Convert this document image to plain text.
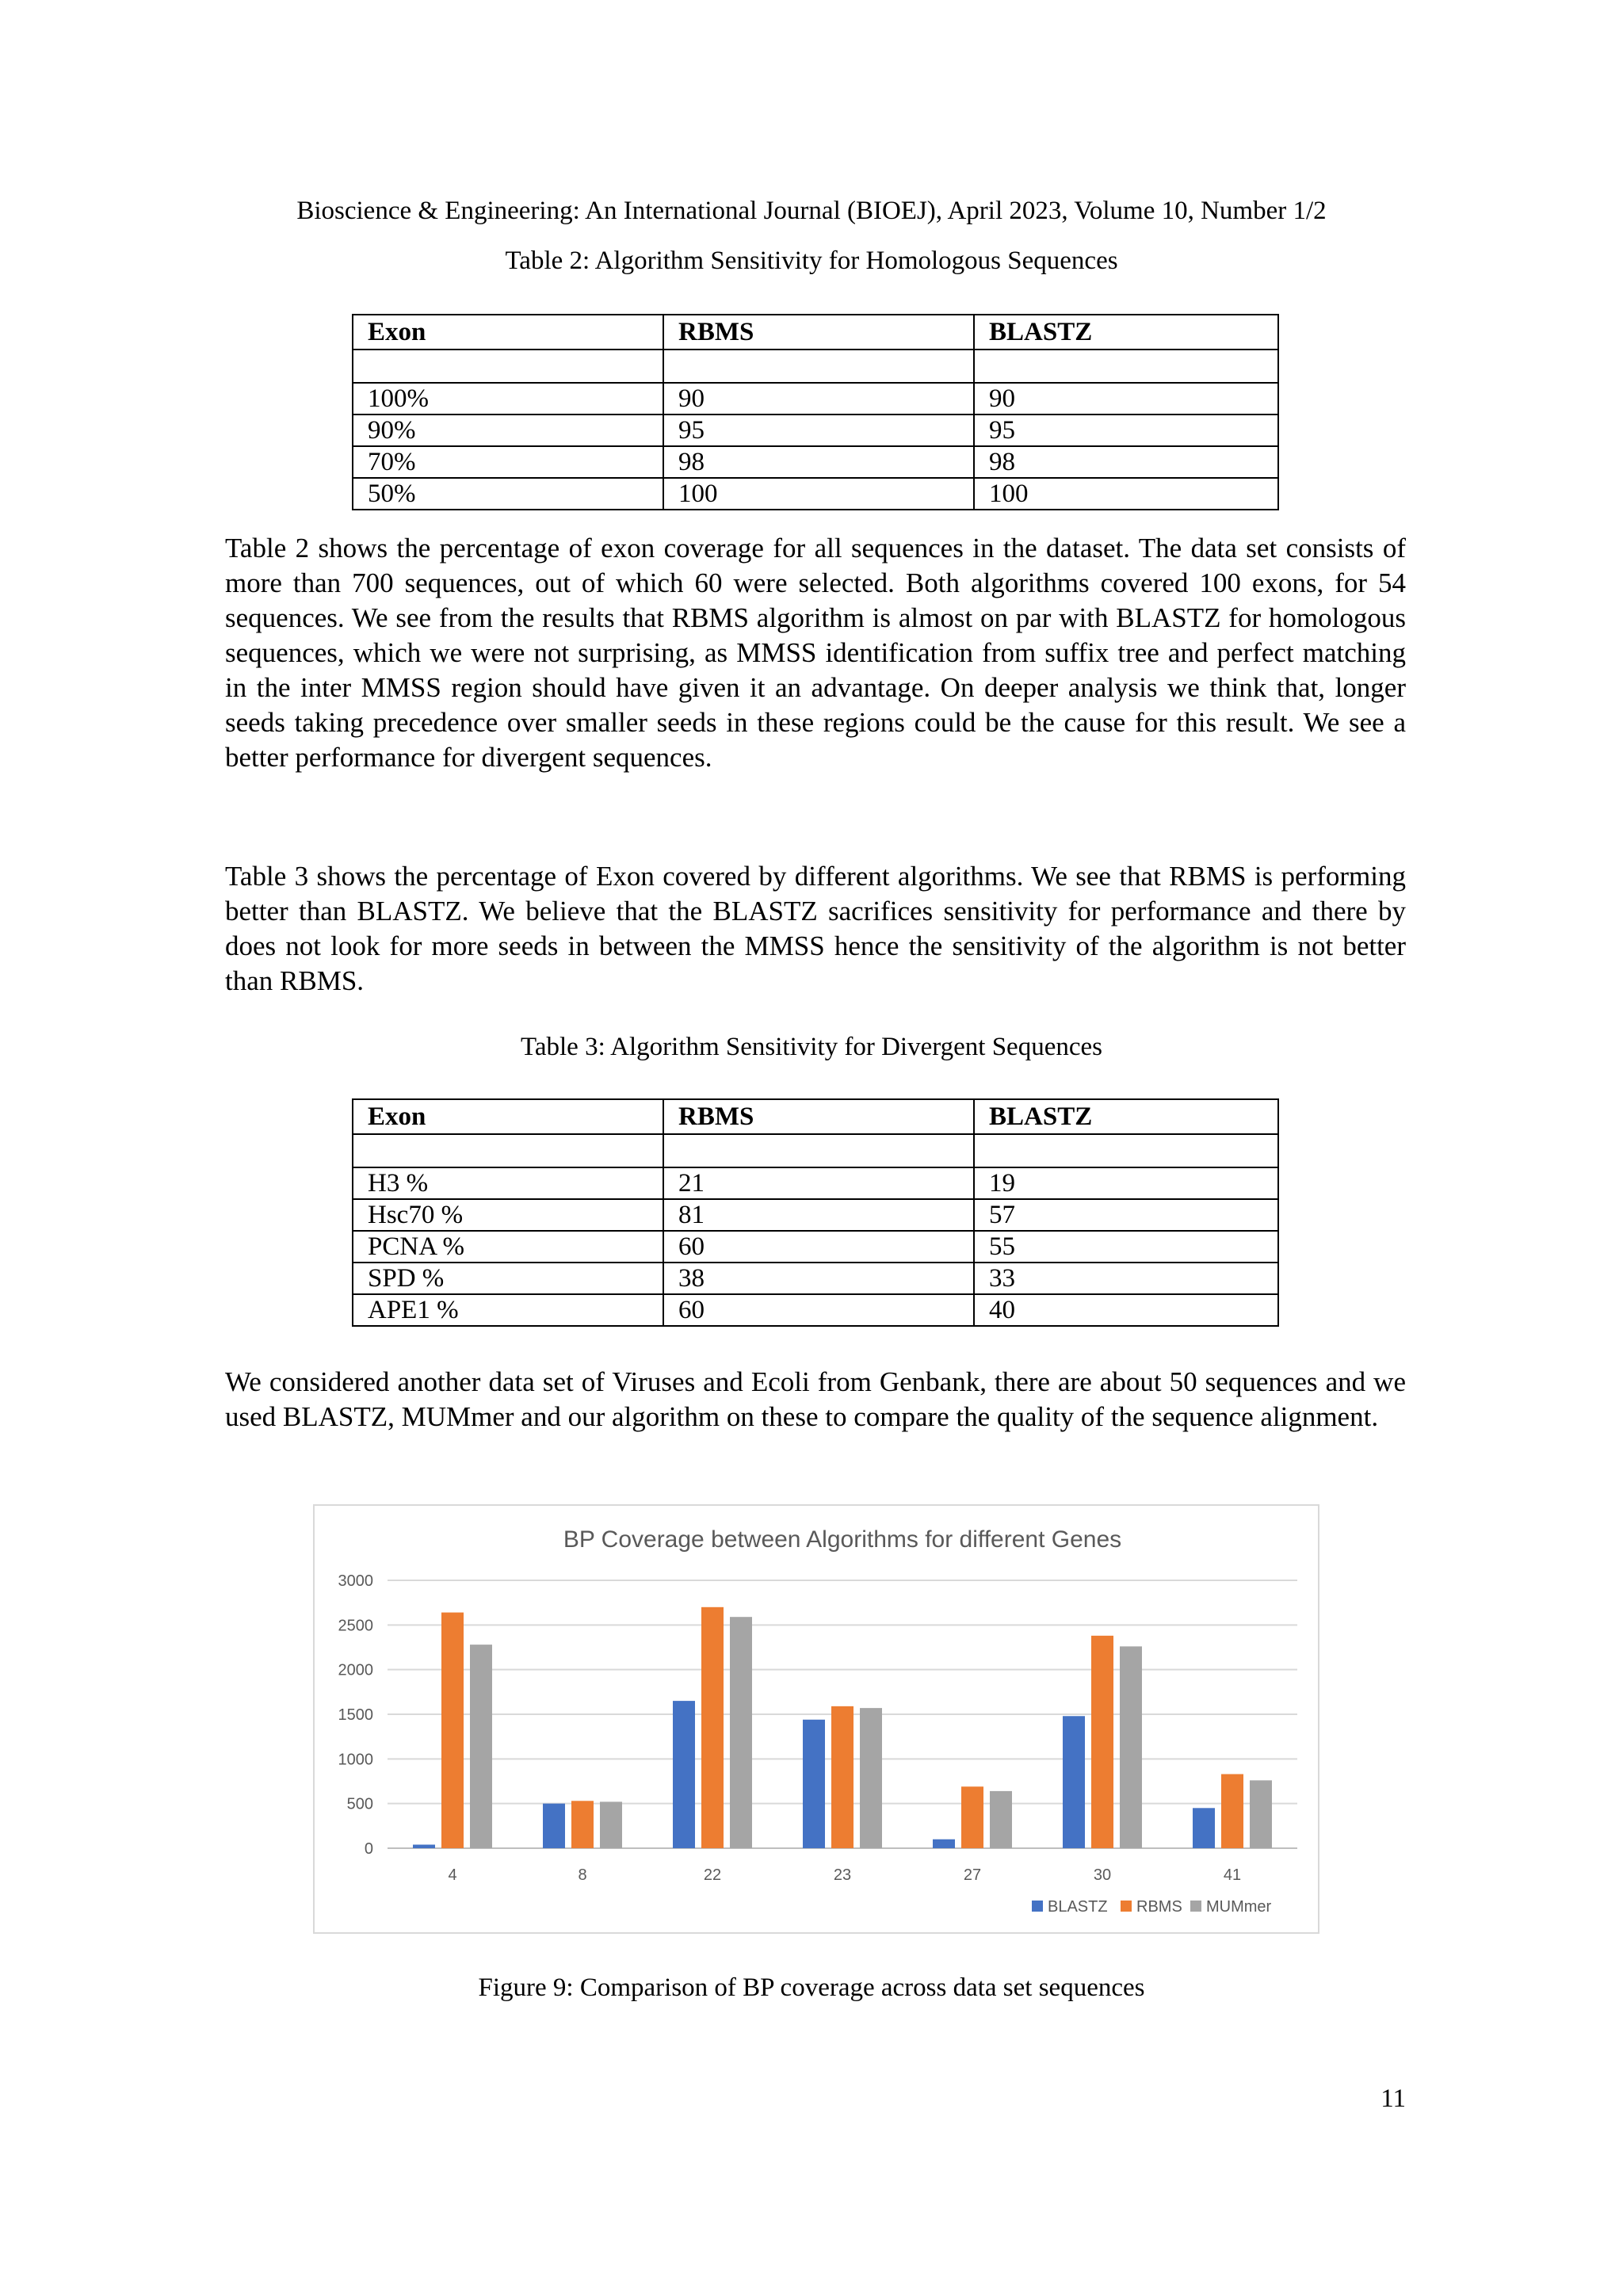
Bioscience & Engineering: An International Journal (BIOEJ), April 2023, Volume 10, Number 1/2
Table 2: Algorithm Sensitivity for Homologous Sequences
Exon	RBMS	BLASTZ

100%	90	90
90%	95	95
70%	98	98
50%	100	100

Table 2 shows the percentage of exon coverage for all sequences in the dataset. The data set consists of more than 700 sequences, out of which 60 were selected. Both algorithms covered 100 exons, for 54 sequences. We see from the results that RBMS algorithm is almost on par with BLASTZ for homologous sequences, which we were not surprising, as MMSS identification from suffix tree and perfect matching in the inter MMSS region should have given it an advantage. On deeper analysis we think that, longer seeds taking precedence over smaller seeds in these regions could be the cause for this result. We see a better performance for divergent sequences.

Table 3 shows the percentage of Exon covered by different algorithms. We see that RBMS is performing better than BLASTZ. We believe that the BLASTZ sacrifices sensitivity for performance and there by does not look for more seeds in between the MMSS hence the sensitivity of the algorithm is not better than RBMS.

Table 3: Algorithm Sensitivity for Divergent Sequences
Exon	RBMS	BLASTZ

H3 %	21	19
Hsc70 %	81	57
PCNA %	60	55
SPD %	38	33
APE1 %	60	40

We considered another data set of Viruses and Ecoli from Genbank, there are about 50 sequences and we used BLASTZ, MUMmer and our algorithm on these to compare the quality of the sequence alignment.

BP Coverage between Algorithms for different Genes
0
500
1000
1500
2000
2500
3000
4	8	22	23	27	30	41
BLASTZ RBMS MUMmer
Figure 9: Comparison of BP coverage across data set sequences
11
